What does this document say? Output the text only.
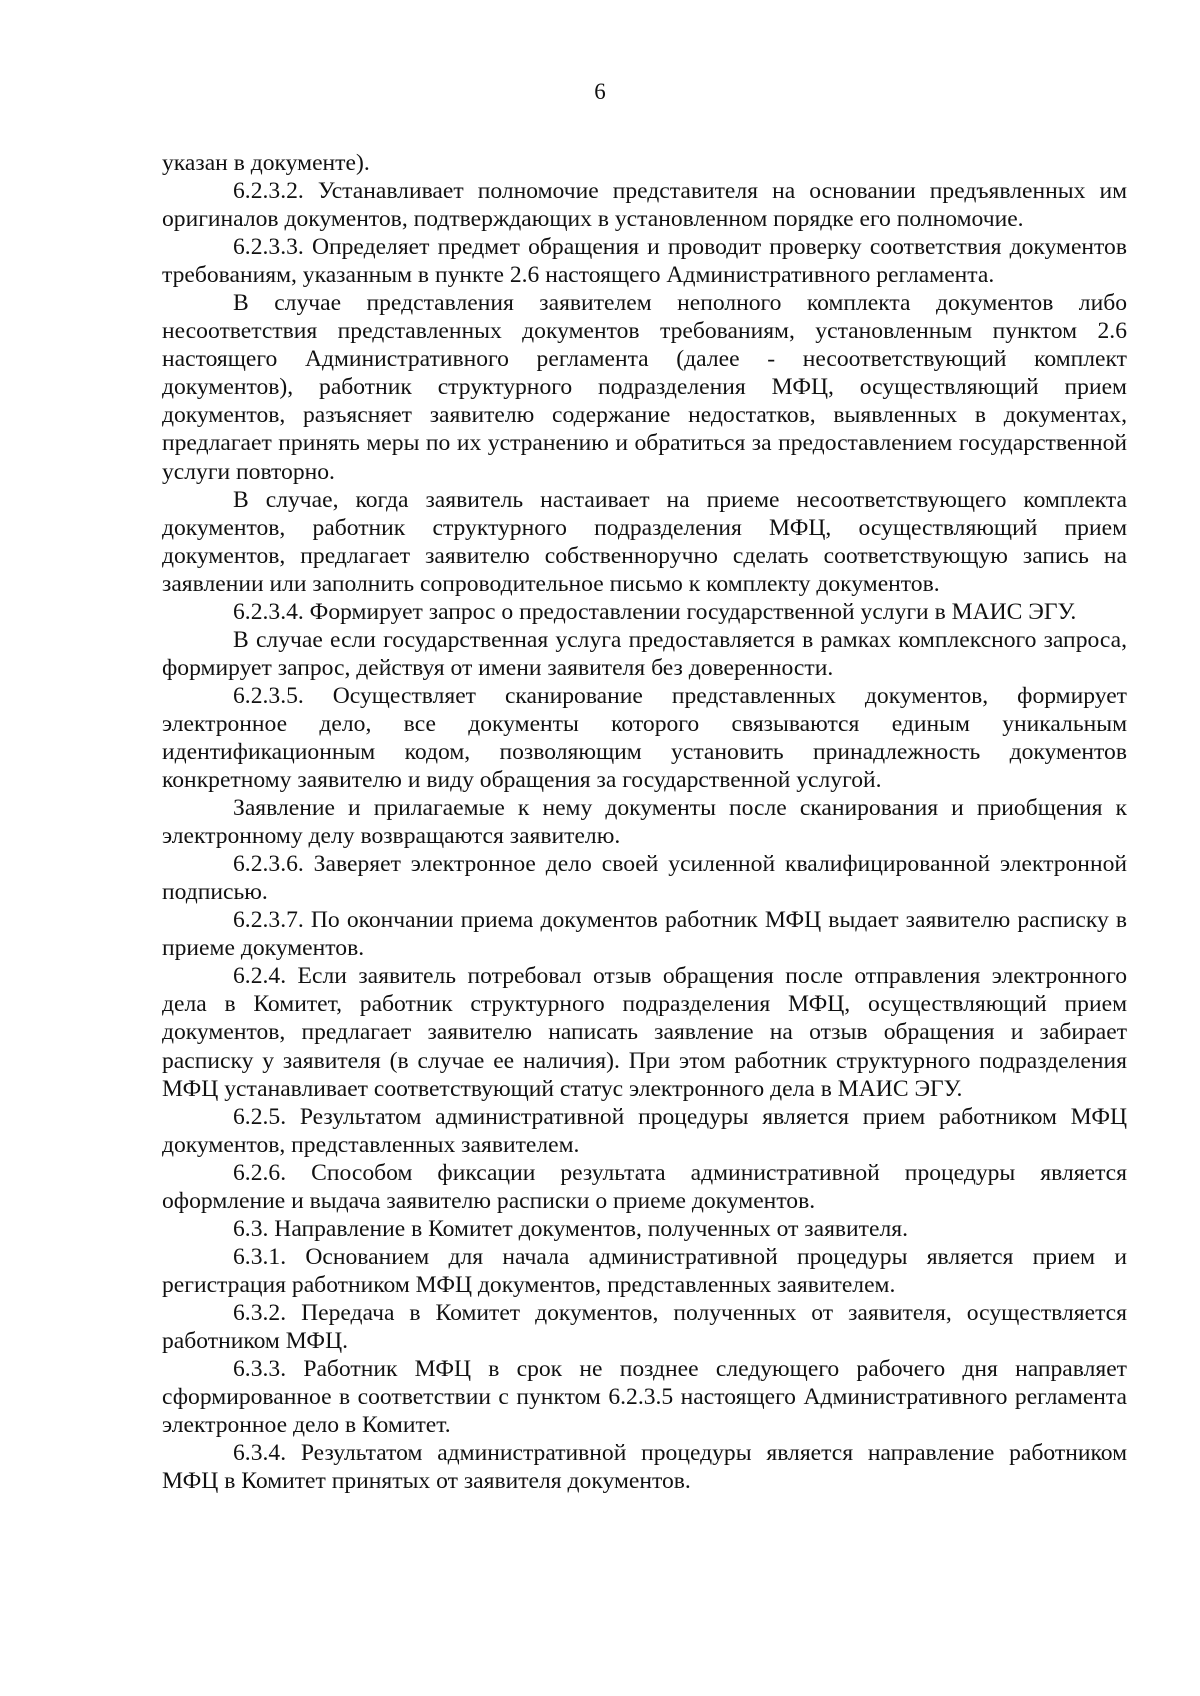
6

указан в документе).

6.2.3.2. Устанавливает полномочие представителя на основании предъявленных им оригиналов документов, подтверждающих в установленном порядке его полномочие.

6.2.3.3. Определяет предмет обращения и проводит проверку соответствия документов требованиям, указанным в пункте 2.6 настоящего Административного регламента.

В случае представления заявителем неполного комплекта документов либо несоответствия представленных документов требованиям, установленным пунктом 2.6 настоящего Административного регламента (далее - несоответствующий комплект документов), работник структурного подразделения МФЦ, осуществляющий прием документов, разъясняет заявителю содержание недостатков, выявленных в документах, предлагает принять меры по их устранению и обратиться за предоставлением государственной услуги повторно.

В случае, когда заявитель настаивает на приеме несоответствующего комплекта документов, работник структурного подразделения МФЦ, осуществляющий прием документов, предлагает заявителю собственноручно сделать соответствующую запись на заявлении или заполнить сопроводительное письмо к комплекту документов.

6.2.3.4. Формирует запрос о предоставлении государственной услуги в МАИС ЭГУ.

В случае если государственная услуга предоставляется в рамках комплексного запроса, формирует запрос, действуя от имени заявителя без доверенности.

6.2.3.5. Осуществляет сканирование представленных документов, формирует электронное дело, все документы которого связываются единым уникальным идентификационным кодом, позволяющим установить принадлежность документов конкретному заявителю и виду обращения за государственной услугой.

Заявление и прилагаемые к нему документы после сканирования и приобщения к электронному делу возвращаются заявителю.

6.2.3.6. Заверяет электронное дело своей усиленной квалифицированной электронной подписью.

6.2.3.7. По окончании приема документов работник МФЦ выдает заявителю расписку в приеме документов.

6.2.4. Если заявитель потребовал отзыв обращения после отправления электронного дела в Комитет, работник структурного подразделения МФЦ, осуществляющий прием документов, предлагает заявителю написать заявление на отзыв обращения и забирает расписку у заявителя (в случае ее наличия). При этом работник структурного подразделения МФЦ устанавливает соответствующий статус электронного дела в МАИС ЭГУ.

6.2.5. Результатом административной процедуры является прием работником МФЦ документов, представленных заявителем.

6.2.6. Способом фиксации результата административной процедуры является оформление и выдача заявителю расписки о приеме документов.

6.3. Направление в Комитет документов, полученных от заявителя.

6.3.1. Основанием для начала административной процедуры является прием и регистрация работником МФЦ документов, представленных заявителем.

6.3.2. Передача в Комитет документов, полученных от заявителя, осуществляется работником МФЦ.

6.3.3. Работник МФЦ в срок не позднее следующего рабочего дня направляет сформированное в соответствии с пунктом 6.2.3.5 настоящего Административного регламента электронное дело в Комитет.

6.3.4. Результатом административной процедуры является направление работником МФЦ в Комитет принятых от заявителя документов.
